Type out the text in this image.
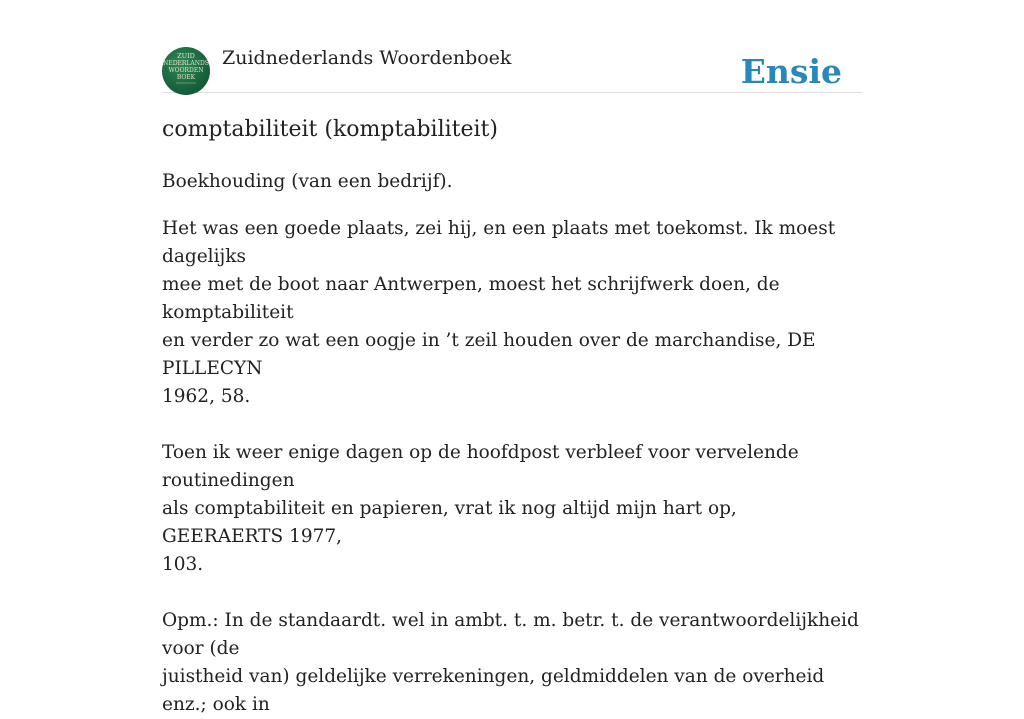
ZUID
NEDERLANDS
WOORDEN
BOEK
Zuidnederlands Woordenboek	Ensie
comptabiliteit (komptabiliteit)

Boekhouding (van een bedrijf).

Het was een goede plaats, zei hij, en een plaats met toekomst. Ik moest dagelijks
mee met de boot naar Antwerpen, moest het schrijfwerk doen, de komptabiliteit
en verder zo wat een oogje in ’t zeil houden over de marchandise, DE PILLECYN
1962, 58.

Toen ik weer enige dagen op de hoofdpost verbleef voor vervelende routinedingen
als comptabiliteit en papieren, vrat ik nog altijd mijn hart op, GEERAERTS 1977,
103.

Opm.: In de standaardt. wel in ambt. t. m. betr. t. de verantwoordelijkheid voor (de
juistheid van) geldelijke verrekeningen, geldmiddelen van de overheid enz.; ook in
